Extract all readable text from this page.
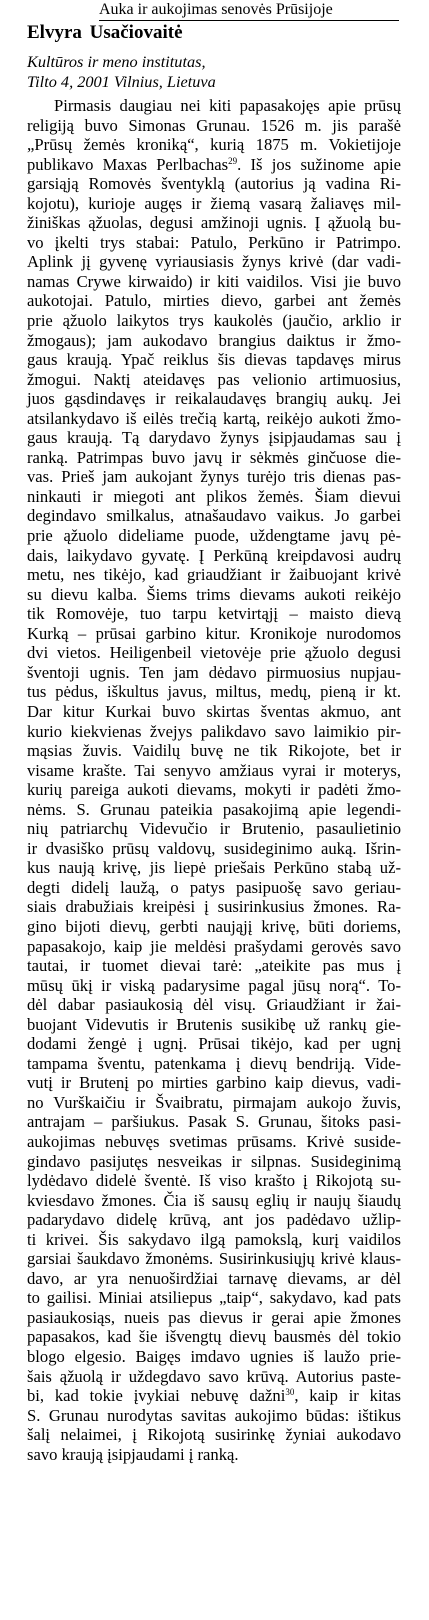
Auka ir aukojimas senovės Prūsijoje
Elvyra Usačiovaitė
Kultūros ir meno institutas,
Tilto 4, 2001 Vilnius, Lietuva
Pirmasis daugiau nei kiti papasakojęs apie prūsų
religiją buvo Simonas Grunau. 1526 m. jis parašė
„Prūsų žemės kroniką“, kurią 1875 m. Vokietijoje
publikavo Maxas Perlbachas$^{29}$. Iš jos sužinome apie
garsiąją Romovės šventyklą (autorius ją vadina Ri-
kojotu), kurioje augęs ir žiemą vasarą žaliavęs mil-
žiniškas ąžuolas, degusi amžinoji ugnis. Į ąžuolą bu-
vo įkelti trys stabai: Patulo, Perkūno ir Patrimpo.
Aplink jį gyvenę vyriausiasis žynys krivė (dar vadi-
namas Crywe kirwaido) ir kiti vaidilos. Visi jie buvo
aukotojai. Patulo, mirties dievo, garbei ant žemės
prie ąžuolo laikytos trys kaukolės (jaučio, arklio ir
žmogaus); jam aukodavo brangius daiktus ir žmo-
gaus kraują. Ypač reiklus šis dievas tapdavęs mirus
žmogui. Naktį ateidavęs pas velionio artimuosius,
juos gąsdindavęs ir reikalaudavęs brangių aukų. Jei
atsilankydavo iš eilės trečią kartą, reikėjo aukoti žmo-
gaus kraują. Tą darydavo žynys įsipjaudamas sau į
ranką. Patrimpas buvo javų ir sėkmės ginčuose die-
vas. Prieš jam aukojant žynys turėjo tris dienas pas-
ninkauti ir miegoti ant plikos žemės. Šiam dievui
degindavo smilkalus, atnašaudavo vaikus. Jo garbei
prie ąžuolo dideliame puode, uždengtame javų pė-
dais, laikydavo gyvatę. Į Perkūną kreipdavosi audrų
metu, nes tikėjo, kad griaudžiant ir žaibuojant krivė
su dievu kalba. Šiems trims dievams aukoti reikėjo
tik Romovėje, tuo tarpu ketvirtąjį – maisto dievą
Kurką – prūsai garbino kitur. Kronikoje nurodomos
dvi vietos. Heiligenbeil vietovėje prie ąžuolo degusi
šventoji ugnis. Ten jam dėdavo pirmuosius nupjau-
tus pėdus, iškultus javus, miltus, medų, pieną ir kt.
Dar kitur Kurkai buvo skirtas šventas akmuo, ant
kurio kiekvienas žvejys palikdavo savo laimikio pir-
mąsias žuvis. Vaidilų buvę ne tik Rikojote, bet ir
visame krašte. Tai senyvo amžiaus vyrai ir moterys,
kurių pareiga aukoti dievams, mokyti ir padėti žmo-
nėms. S. Grunau pateikia pasakojimą apie legendi-
nių patriarchų Videvučio ir Brutenio, pasaulietinio
ir dvasiško prūsų valdovų, susideginimo auką. Išrin-
kus naują krivę, jis liepė priešais Perkūno stabą už-
degti didelį laužą, o patys pasipuošę savo geriau-
siais drabužiais kreipėsi į susirinkusius žmones. Ra-
gino bijoti dievų, gerbti naująjį krivę, būti doriems,
papasakojo, kaip jie meldėsi prašydami gerovės savo
tautai, ir tuomet dievai tarė: „ateikite pas mus į
mūsų ūkį ir viską padarysime pagal jūsų norą“. To-
dėl dabar pasiaukosią dėl visų. Griaudžiant ir žai-
buojant Videvutis ir Brutenis susikibę už rankų gie-
dodami žengė į ugnį. Prūsai tikėjo, kad per ugnį
tampama šventu, patenkama į dievų bendriją. Vide-
vutį ir Brutenį po mirties garbino kaip dievus, vadi-
no Vurškaičiu ir Švaibratu, pirmajam aukojo žuvis,
antrajam – paršiukus. Pasak S. Grunau, šitoks pasi-
aukojimas nebuvęs svetimas prūsams. Krivė suside-
gindavo pasijutęs nesveikas ir silpnas. Susideginimą
lydėdavo didelė šventė. Iš viso krašto į Rikojotą su-
kviesdavo žmones. Čia iš sausų eglių ir naujų šiaudų
padarydavo didelę krūvą, ant jos padėdavo užlip-
ti krivei. Šis sakydavo ilgą pamokslą, kurį vaidilos
garsiai šaukdavo žmonėms. Susirinkusiųjų krivė klaus-
davo, ar yra nenuoširdžiai tarnavę dievams, ar dėl
to gailisi. Miniai atsiliepus „taip“, sakydavo, kad pats
pasiaukosiąs, nueis pas dievus ir gerai apie žmones
papasakos, kad šie išvengtų dievų bausmės dėl tokio
blogo elgesio. Baigęs imdavo ugnies iš laužo prie-
šais ąžuolą ir uždegdavo savo krūvą. Autorius paste-
bi, kad tokie įvykiai nebuvę dažni$^{30}$, kaip ir kitas
S. Grunau nurodytas savitas aukojimo būdas: ištikus
šalį nelaimei, į Rikojotą susirinkę žyniai aukodavo
savo kraują įsipjaudami į ranką.
